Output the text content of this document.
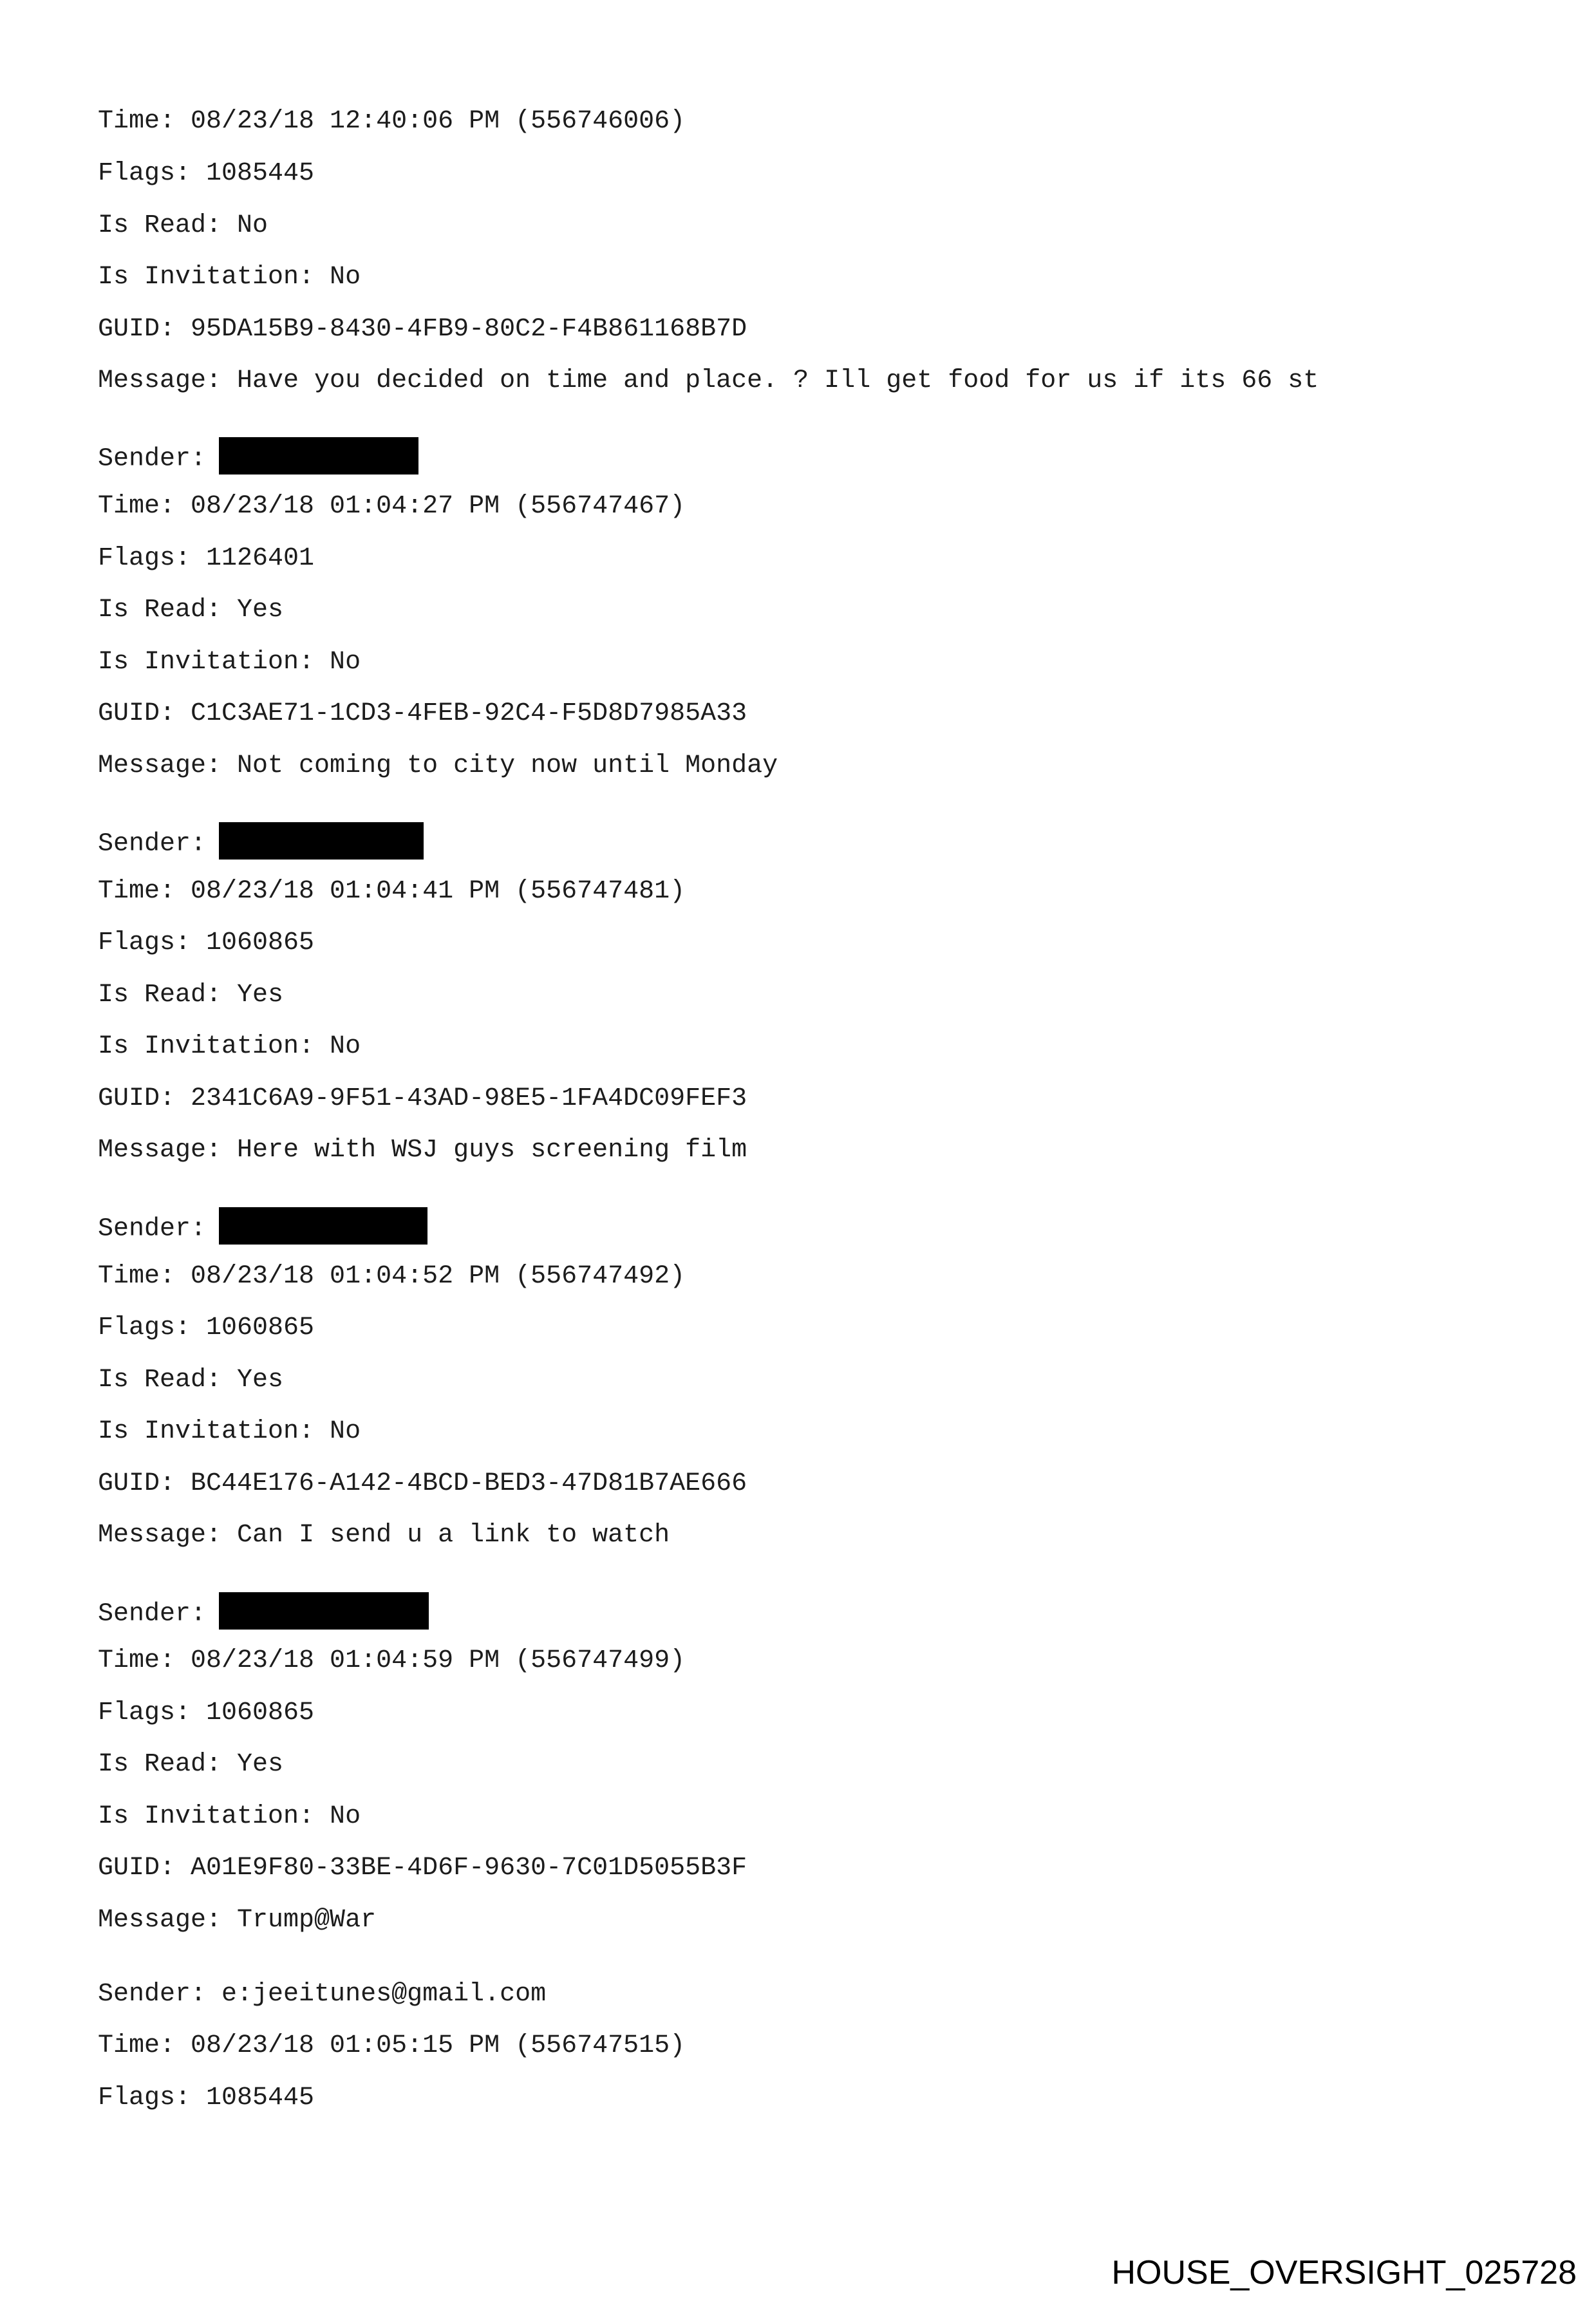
Time: 08/23/18 12:40:06 PM (556746006)
Flags: 1085445
Is Read: No
Is Invitation: No
GUID: 95DA15B9-8430-4FB9-80C2-F4B861168B7D
Message: Have you decided on time and place. ? Ill get food for us if its 66 st
Sender:
Time: 08/23/18 01:04:27 PM (556747467)
Flags: 1126401
Is Read: Yes
Is Invitation: No
GUID: C1C3AE71-1CD3-4FEB-92C4-F5D8D7985A33
Message: Not coming to city now until Monday
Sender:
Time: 08/23/18 01:04:41 PM (556747481)
Flags: 1060865
Is Read: Yes
Is Invitation: No
GUID: 2341C6A9-9F51-43AD-98E5-1FA4DC09FEF3
Message: Here with WSJ guys screening film
Sender:
Time: 08/23/18 01:04:52 PM (556747492)
Flags: 1060865
Is Read: Yes
Is Invitation: No
GUID: BC44E176-A142-4BCD-BED3-47D81B7AE666
Message: Can I send u a link to watch
Sender:
Time: 08/23/18 01:04:59 PM (556747499)
Flags: 1060865
Is Read: Yes
Is Invitation: No
GUID: A01E9F80-33BE-4D6F-9630-7C01D5055B3F
Message: Trump@War
Sender: e:jeeitunes@gmail.com
Time: 08/23/18 01:05:15 PM (556747515)
Flags: 1085445
HOUSE_OVERSIGHT_025728
